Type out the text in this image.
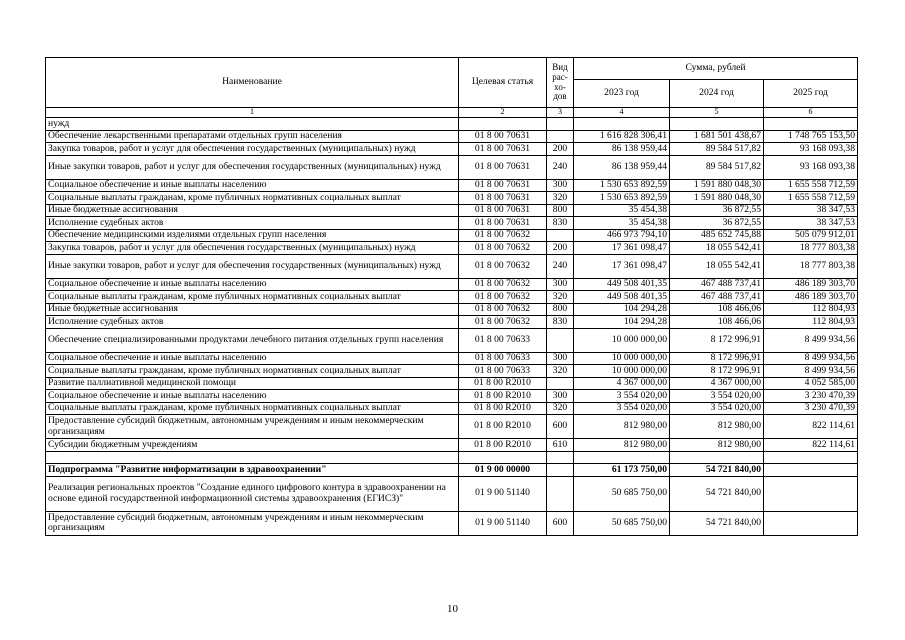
Наименование	Целевая статья	Вид рас-хо-дов	Сумма, рублей		
			2023 год	2024 год	2025 год
1	2	3	4	5	6
нужд					
Обеспечение лекарственными препаратами отдельных групп населения	01 8 00 70631		1 616 828 306,41	1 681 501 438,67	1 748 765 153,50
Закупка товаров, работ и услуг для обеспечения государственных (муниципальных) нужд	01 8 00 70631	200	86 138 959,44	89 584 517,82	93 168 093,38
Иные закупки товаров, работ и услуг для обеспечения государственных (муниципальных) нужд	01 8 00 70631	240	86 138 959,44	89 584 517,82	93 168 093,38
Социальное обеспечение и иные выплаты населению	01 8 00 70631	300	1 530 653 892,59	1 591 880 048,30	1 655 558 712,59
Социальные выплаты гражданам, кроме публичных нормативных социальных выплат	01 8 00 70631	320	1 530 653 892,59	1 591 880 048,30	1 655 558 712,59
Иные бюджетные ассигнования	01 8 00 70631	800	35 454,38	36 872,55	38 347,53
Исполнение судебных актов	01 8 00 70631	830	35 454,38	36 872,55	38 347,53
Обеспечение медицинскими изделиями отдельных групп населения	01 8 00 70632		466 973 794,10	485 652 745,88	505 079 912,01
Закупка товаров, работ и услуг для обеспечения государственных (муниципальных) нужд	01 8 00 70632	200	17 361 098,47	18 055 542,41	18 777 803,38
Иные закупки товаров, работ и услуг для обеспечения государственных (муниципальных) нужд	01 8 00 70632	240	17 361 098,47	18 055 542,41	18 777 803,38
Социальное обеспечение и иные выплаты населению	01 8 00 70632	300	449 508 401,35	467 488 737,41	486 189 303,70
Социальные выплаты гражданам, кроме публичных нормативных социальных выплат	01 8 00 70632	320	449 508 401,35	467 488 737,41	486 189 303,70
Иные бюджетные ассигнования	01 8 00 70632	800	104 294,28	108 466,06	112 804,93
Исполнение судебных актов	01 8 00 70632	830	104 294,28	108 466,06	112 804,93
Обеспечение специализированными продуктами лечебного питания отдельных групп населения	01 8 00 70633		10 000 000,00	8 172 996,91	8 499 934,56
Социальное обеспечение и иные выплаты населению	01 8 00 70633	300	10 000 000,00	8 172 996,91	8 499 934,56
Социальные выплаты гражданам, кроме публичных нормативных социальных выплат	01 8 00 70633	320	10 000 000,00	8 172 996,91	8 499 934,56
Развитие паллиативной медицинской помощи	01 8 00 R2010		4 367 000,00	4 367 000,00	4 052 585,00
Социальное обеспечение и иные выплаты населению	01 8 00 R2010	300	3 554 020,00	3 554 020,00	3 230 470,39
Социальные выплаты гражданам, кроме публичных нормативных социальных выплат	01 8 00 R2010	320	3 554 020,00	3 554 020,00	3 230 470,39
Предоставление субсидий бюджетным, автономным учреждениям и иным некоммерческим организациям	01 8 00 R2010	600	812 980,00	812 980,00	822 114,61
Субсидии бюджетным учреждениям	01 8 00 R2010	610	812 980,00	812 980,00	822 114,61

Подпрограмма "Развитие информатизации в здравоохранении"	01 9 00 00000		61 173 750,00	54 721 840,00	
Реализация региональных проектов "Создание единого цифрового контура в здравоохранении на основе единой государственной информационной системы здравоохранения (ЕГИСЗ)"	01 9 00 51140		50 685 750,00	54 721 840,00	
Предоставление субсидий бюджетным, автономным учреждениям и иным некоммерческим организациям	01 9 00 51140	600	50 685 750,00	54 721 840,00	
10
